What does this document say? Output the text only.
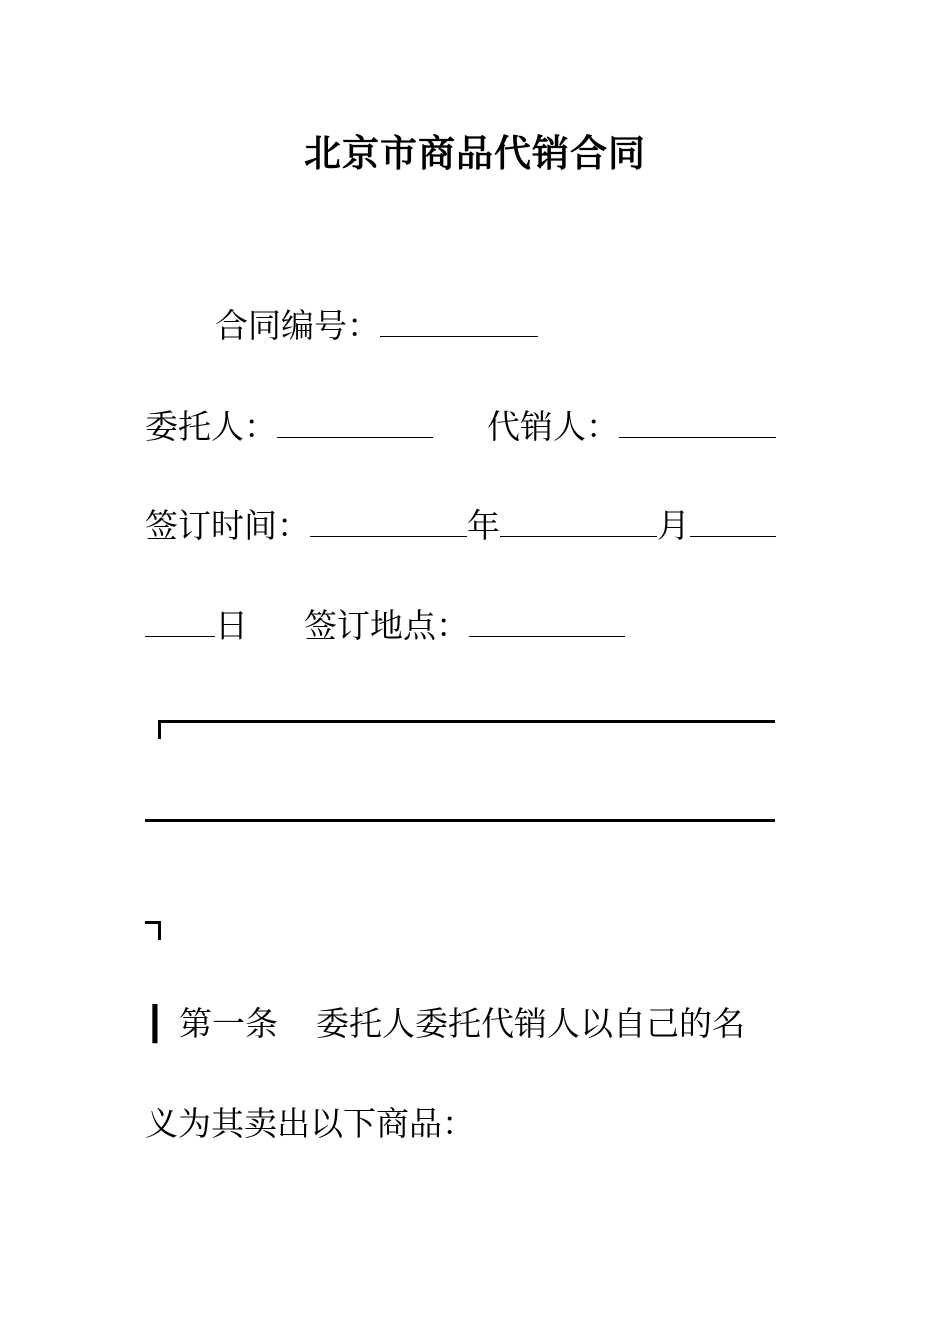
北京市商品代销合同
合同编号：
委托人：	代销人：
签订时间：	年	月
日 签订地点：
┃ 第一条 委托人委托代销人以自己的名
义为其卖出以下商品：
